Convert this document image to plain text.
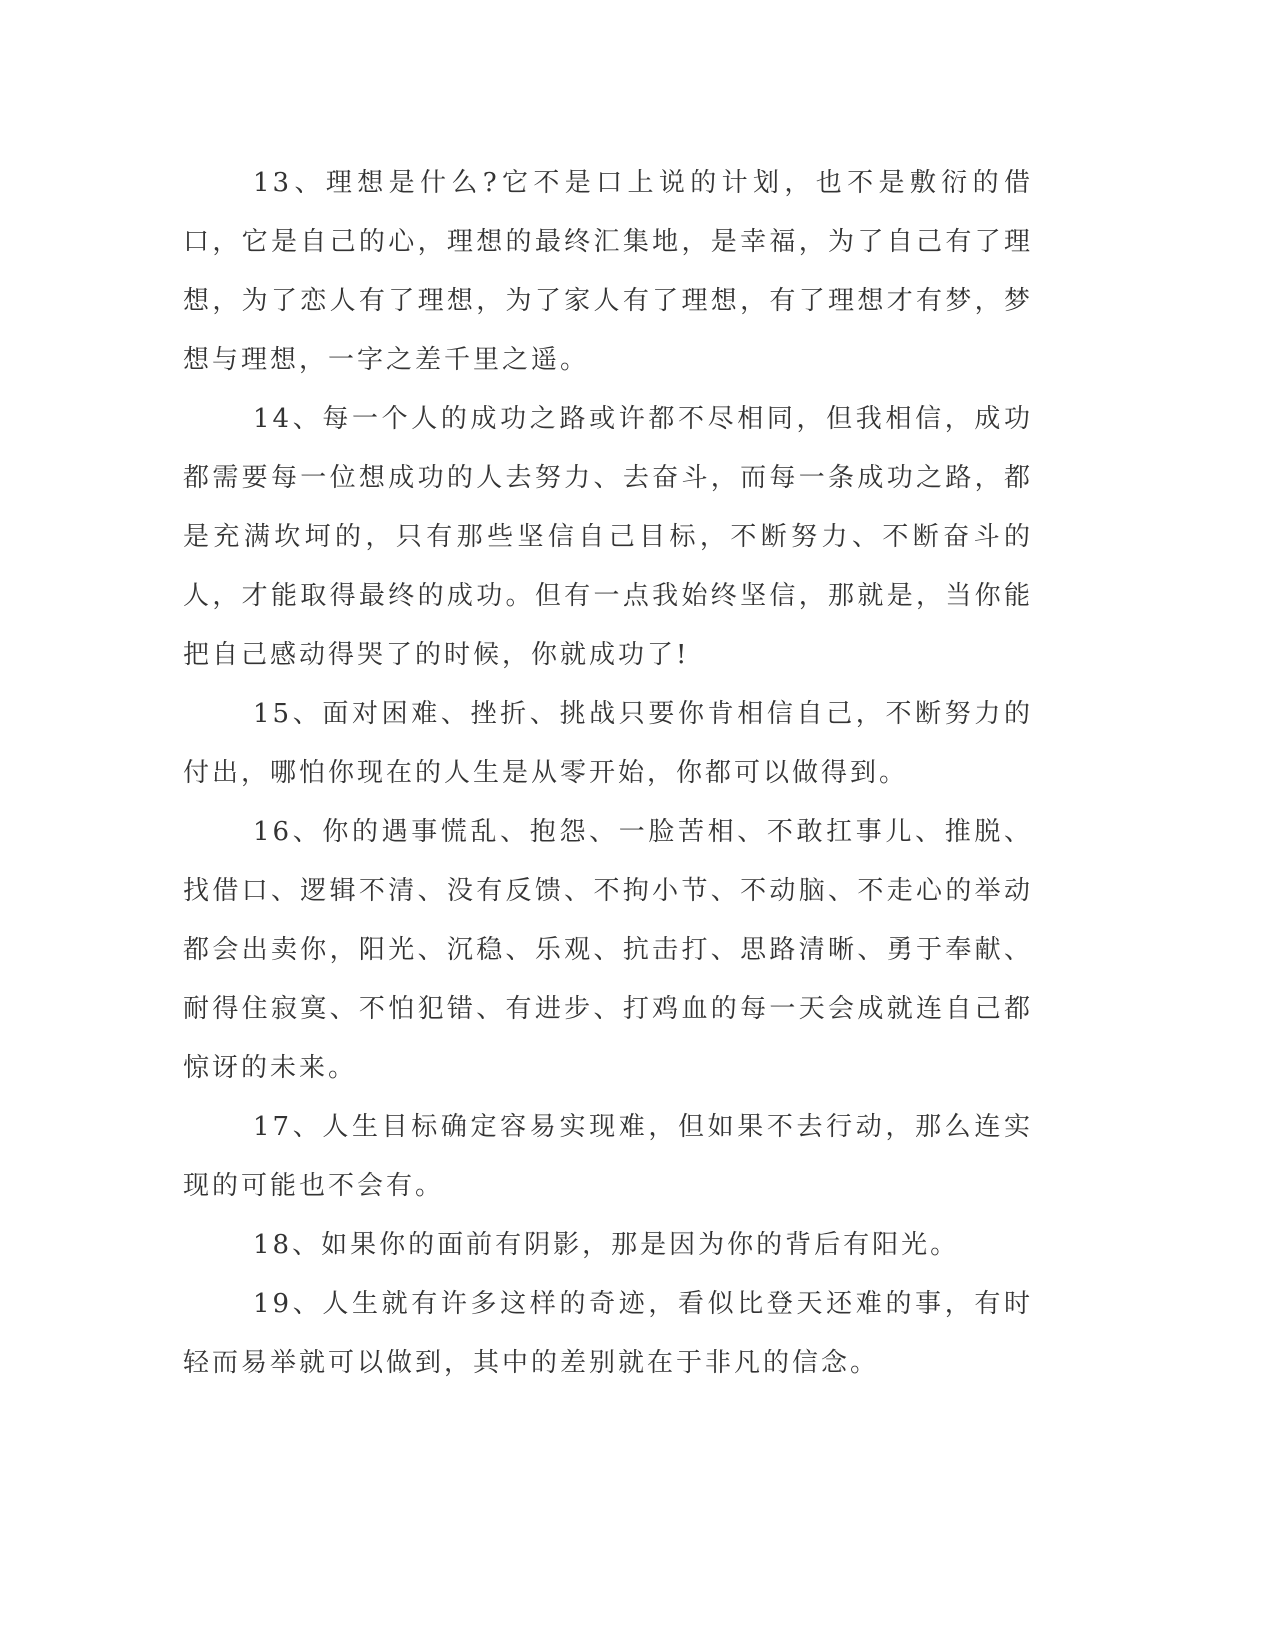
13、理想是什么?它不是口上说的计划，也不是敷衍的借口，它是自己的心，理想的最终汇集地，是幸福，为了自己有了理想，为了恋人有了理想，为了家人有了理想，有了理想才有梦，梦想与理想，一字之差千里之遥。

14、每一个人的成功之路或许都不尽相同，但我相信，成功都需要每一位想成功的人去努力、去奋斗，而每一条成功之路，都是充满坎坷的，只有那些坚信自己目标，不断努力、不断奋斗的人，才能取得最终的成功。但有一点我始终坚信，那就是，当你能把自己感动得哭了的时候，你就成功了!

15、面对困难、挫折、挑战只要你肯相信自己，不断努力的付出，哪怕你现在的人生是从零开始，你都可以做得到。

16、你的遇事慌乱、抱怨、一脸苦相、不敢扛事儿、推脱、找借口、逻辑不清、没有反馈、不拘小节、不动脑、不走心的举动都会出卖你，阳光、沉稳、乐观、抗击打、思路清晰、勇于奉献、耐得住寂寞、不怕犯错、有进步、打鸡血的每一天会成就连自己都惊讶的未来。

17、人生目标确定容易实现难，但如果不去行动，那么连实现的可能也不会有。

18、如果你的面前有阴影，那是因为你的背后有阳光。

19、人生就有许多这样的奇迹，看似比登天还难的事，有时轻而易举就可以做到，其中的差别就在于非凡的信念。
